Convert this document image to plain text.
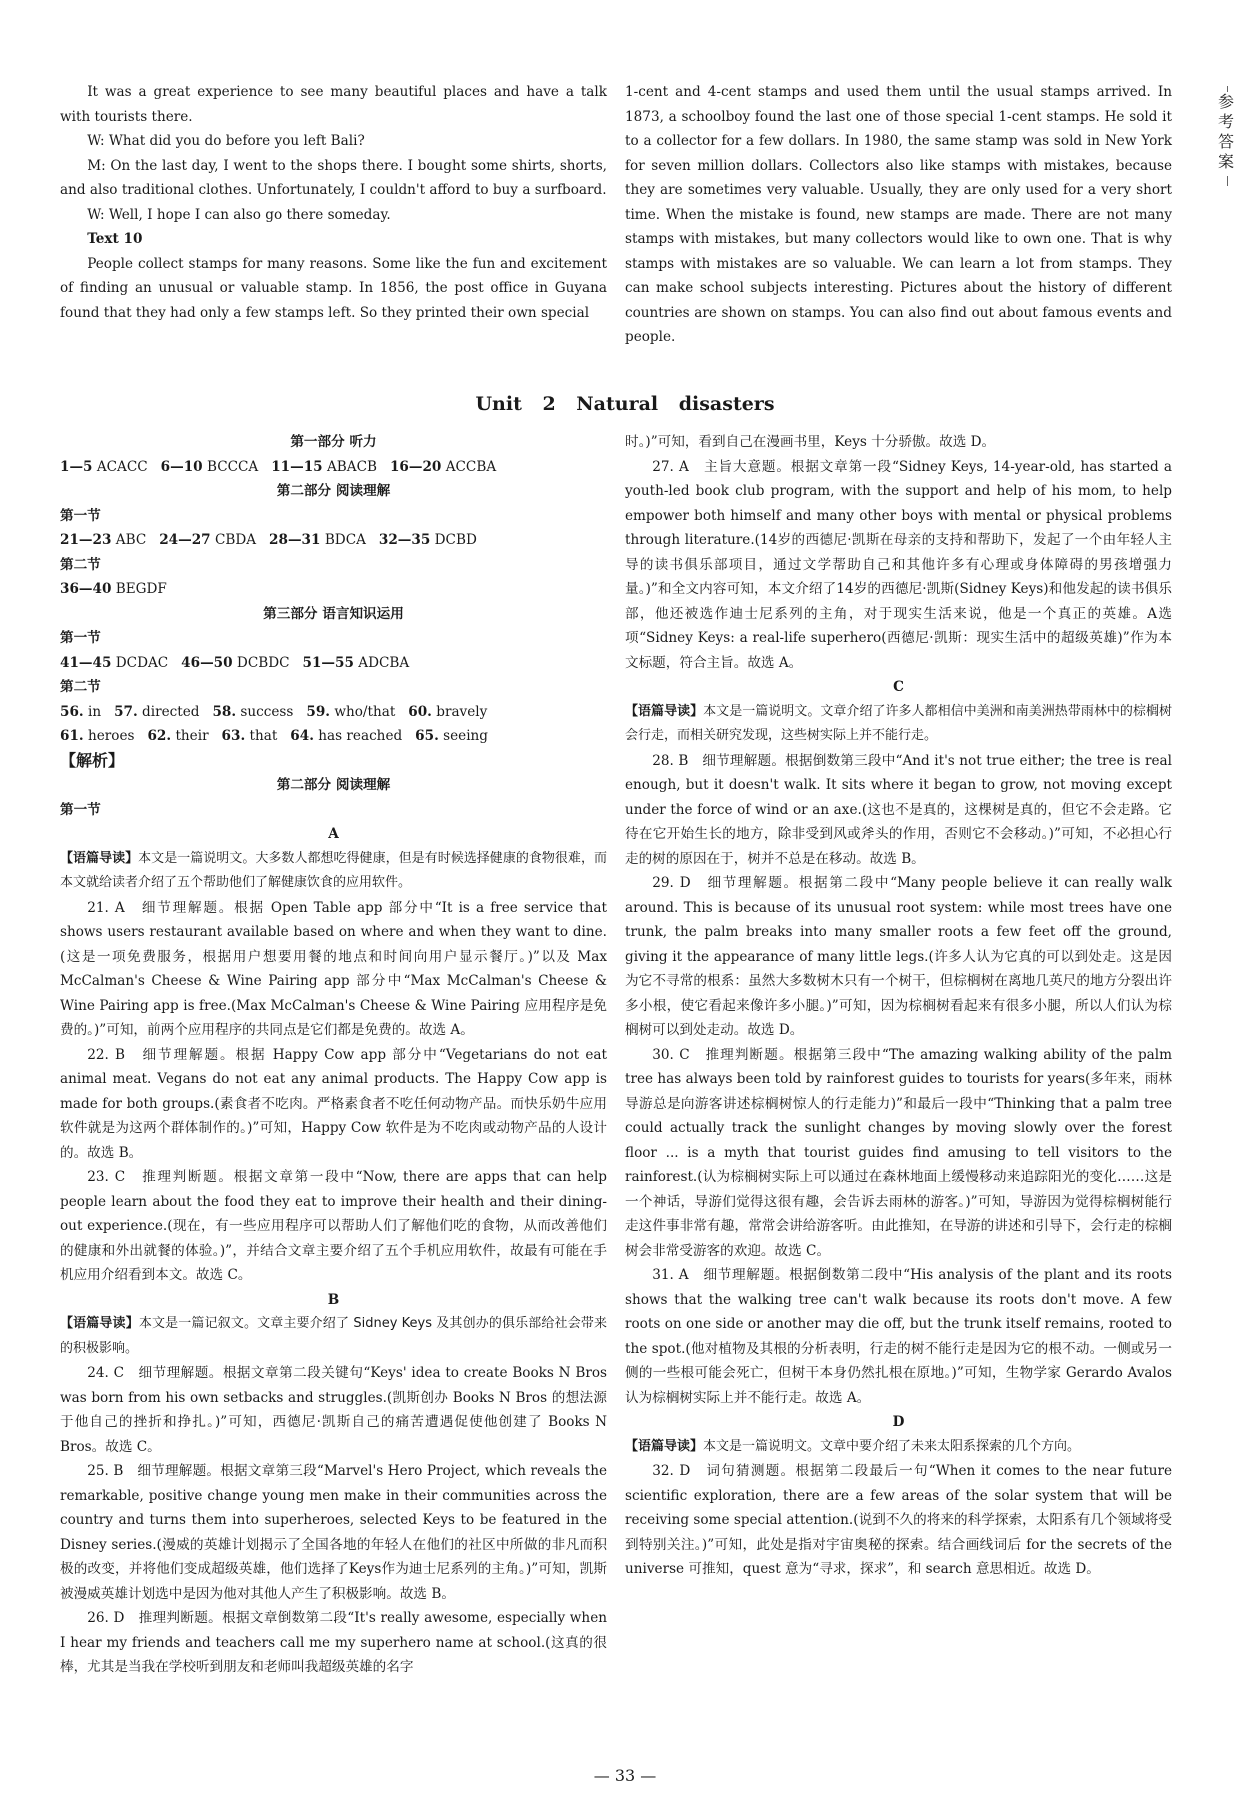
参考答案

It was a great experience to see many beautiful places and have a talk with tourists there.

W: What did you do before you left Bali?

M: On the last day, I went to the shops there. I bought some shirts, shorts, and also traditional clothes. Unfortunately, I couldn't afford to buy a surfboard.

W: Well, I hope I can also go there someday.

Text 10

People collect stamps for many reasons. Some like the fun and excitement of finding an unusual or valuable stamp. In 1856, the post office in Guyana found that they had only a few stamps left. So they printed their own special

1-cent and 4-cent stamps and used them until the usual stamps arrived. In 1873, a schoolboy found the last one of those special 1-cent stamps. He sold it to a collector for a few dollars. In 1980, the same stamp was sold in New York for seven million dollars. Collectors also like stamps with mistakes, because they are sometimes very valuable. Usually, they are only used for a very short time. When the mistake is found, new stamps are made. There are not many stamps with mistakes, but many collectors would like to own one. That is why stamps with mistakes are so valuable. We can learn a lot from stamps. They can make school subjects interesting. Pictures about the history of different countries are shown on stamps. You can also find out about famous events and people.

Unit 2 Natural disasters

第一部分 听力

1—5 ACACC 6—10 BCCCA 11—15 ABACB 16—20 ACCBA

第二部分 阅读理解

第一节

21—23 ABC 24—27 CBDA 28—31 BDCA 32—35 DCBD

第二节

36—40 BEGDF

第三部分 语言知识运用

第一节

41—45 DCDAC 46—50 DCBDC 51—55 ADCBA

第二节

56. in 57. directed 58. success 59. who/that 60. bravely

61. heroes 62. their 63. that 64. has reached 65. seeing

【解析】

第二部分 阅读理解

第一节

A

【语篇导读】本文是一篇说明文。大多数人都想吃得健康，但是有时候选择健康的食物很难，而本文就给读者介绍了五个帮助他们了解健康饮食的应用软件。

21. A　细节理解题。根据 Open Table app 部分中“It is a free service that shows users restaurant available based on where and when they want to dine.(这是一项免费服务，根据用户想要用餐的地点和时间向用户显示餐厅。)”以及 Max McCalman's Cheese & Wine Pairing app 部分中“Max McCalman's Cheese & Wine Pairing app is free.(Max McCalman's Cheese & Wine Pairing 应用程序是免费的。)”可知，前两个应用程序的共同点是它们都是免费的。故选 A。

22. B　细节理解题。根据 Happy Cow app 部分中“Vegetarians do not eat animal meat. Vegans do not eat any animal products. The Happy Cow app is made for both groups.(素食者不吃肉。严格素食者不吃任何动物产品。而快乐奶牛应用软件就是为这两个群体制作的。)”可知，Happy Cow 软件是为不吃肉或动物产品的人设计的。故选 B。

23. C　推理判断题。根据文章第一段中“Now, there are apps that can help people learn about the food they eat to improve their health and their dining-out experience.(现在，有一些应用程序可以帮助人们了解他们吃的食物，从而改善他们的健康和外出就餐的体验。)”，并结合文章主要介绍了五个手机应用软件，故最有可能在手机应用介绍看到本文。故选 C。

B

【语篇导读】本文是一篇记叙文。文章主要介绍了 Sidney Keys 及其创办的俱乐部给社会带来的积极影响。

24. C　细节理解题。根据文章第二段关键句“Keys' idea to create Books N Bros was born from his own setbacks and struggles.(凯斯创办 Books N Bros 的想法源于他自己的挫折和挣扎。)”可知，西德尼·凯斯自己的痛苦遭遇促使他创建了 Books N Bros。故选 C。

25. B　细节理解题。根据文章第三段“Marvel's Hero Project, which reveals the remarkable, positive change young men make in their communities across the country and turns them into superheroes, selected Keys to be featured in the Disney series.(漫威的英雄计划揭示了全国各地的年轻人在他们的社区中所做的非凡而积极的改变，并将他们变成超级英雄，他们选择了Keys作为迪士尼系列的主角。)”可知，凯斯被漫威英雄计划选中是因为他对其他人产生了积极影响。故选 B。

26. D　推理判断题。根据文章倒数第二段“It's really awesome, especially when I hear my friends and teachers call me my superhero name at school.(这真的很棒，尤其是当我在学校听到朋友和老师叫我超级英雄的名字

时。)”可知，看到自己在漫画书里，Keys 十分骄傲。故选 D。

27. A　主旨大意题。根据文章第一段“Sidney Keys, 14-year-old, has started a youth-led book club program, with the support and help of his mom, to help empower both himself and many other boys with mental or physical problems through literature.(14岁的西德尼·凯斯在母亲的支持和帮助下，发起了一个由年轻人主导的读书俱乐部项目，通过文学帮助自己和其他许多有心理或身体障碍的男孩增强力量。)”和全文内容可知，本文介绍了14岁的西德尼·凯斯(Sidney Keys)和他发起的读书俱乐部，他还被选作迪士尼系列的主角，对于现实生活来说，他是一个真正的英雄。A选项“Sidney Keys: a real-life superhero(西德尼·凯斯：现实生活中的超级英雄)”作为本文标题，符合主旨。故选 A。

C

【语篇导读】本文是一篇说明文。文章介绍了许多人都相信中美洲和南美洲热带雨林中的棕榈树会行走，而相关研究发现，这些树实际上并不能行走。

28. B　细节理解题。根据倒数第三段中“And it's not true either; the tree is real enough, but it doesn't walk. It sits where it began to grow, not moving except under the force of wind or an axe.(这也不是真的，这棵树是真的，但它不会走路。它待在它开始生长的地方，除非受到风或斧头的作用，否则它不会移动。)”可知，不必担心行走的树的原因在于，树并不总是在移动。故选 B。

29. D　细节理解题。根据第二段中“Many people believe it can really walk around. This is because of its unusual root system: while most trees have one trunk, the palm breaks into many smaller roots a few feet off the ground, giving it the appearance of many little legs.(许多人认为它真的可以到处走。这是因为它不寻常的根系：虽然大多数树木只有一个树干，但棕榈树在离地几英尺的地方分裂出许多小根，使它看起来像许多小腿。)”可知，因为棕榈树看起来有很多小腿，所以人们认为棕榈树可以到处走动。故选 D。

30. C　推理判断题。根据第三段中“The amazing walking ability of the palm tree has always been told by rainforest guides to tourists for years(多年来，雨林导游总是向游客讲述棕榈树惊人的行走能力)”和最后一段中“Thinking that a palm tree could actually track the sunlight changes by moving slowly over the forest floor ... is a myth that tourist guides find amusing to tell visitors to the rainforest.(认为棕榈树实际上可以通过在森林地面上缓慢移动来追踪阳光的变化……这是一个神话，导游们觉得这很有趣，会告诉去雨林的游客。)”可知，导游因为觉得棕榈树能行走这件事非常有趣，常常会讲给游客听。由此推知，在导游的讲述和引导下，会行走的棕榈树会非常受游客的欢迎。故选 C。

31. A　细节理解题。根据倒数第二段中“His analysis of the plant and its roots shows that the walking tree can't walk because its roots don't move. A few roots on one side or another may die off, but the trunk itself remains, rooted to the spot.(他对植物及其根的分析表明，行走的树不能行走是因为它的根不动。一侧或另一侧的一些根可能会死亡，但树干本身仍然扎根在原地。)”可知，生物学家 Gerardo Avalos 认为棕榈树实际上并不能行走。故选 A。

D

【语篇导读】本文是一篇说明文。文章中要介绍了未来太阳系探索的几个方向。

32. D　词句猜测题。根据第二段最后一句“When it comes to the near future scientific exploration, there are a few areas of the solar system that will be receiving some special attention.(说到不久的将来的科学探索，太阳系有几个领域将受到特别关注。)”可知，此处是指对宇宙奥秘的探索。结合画线词后 for the secrets of the universe 可推知，quest 意为“寻求，探求”，和 search 意思相近。故选 D。

— 33 —
